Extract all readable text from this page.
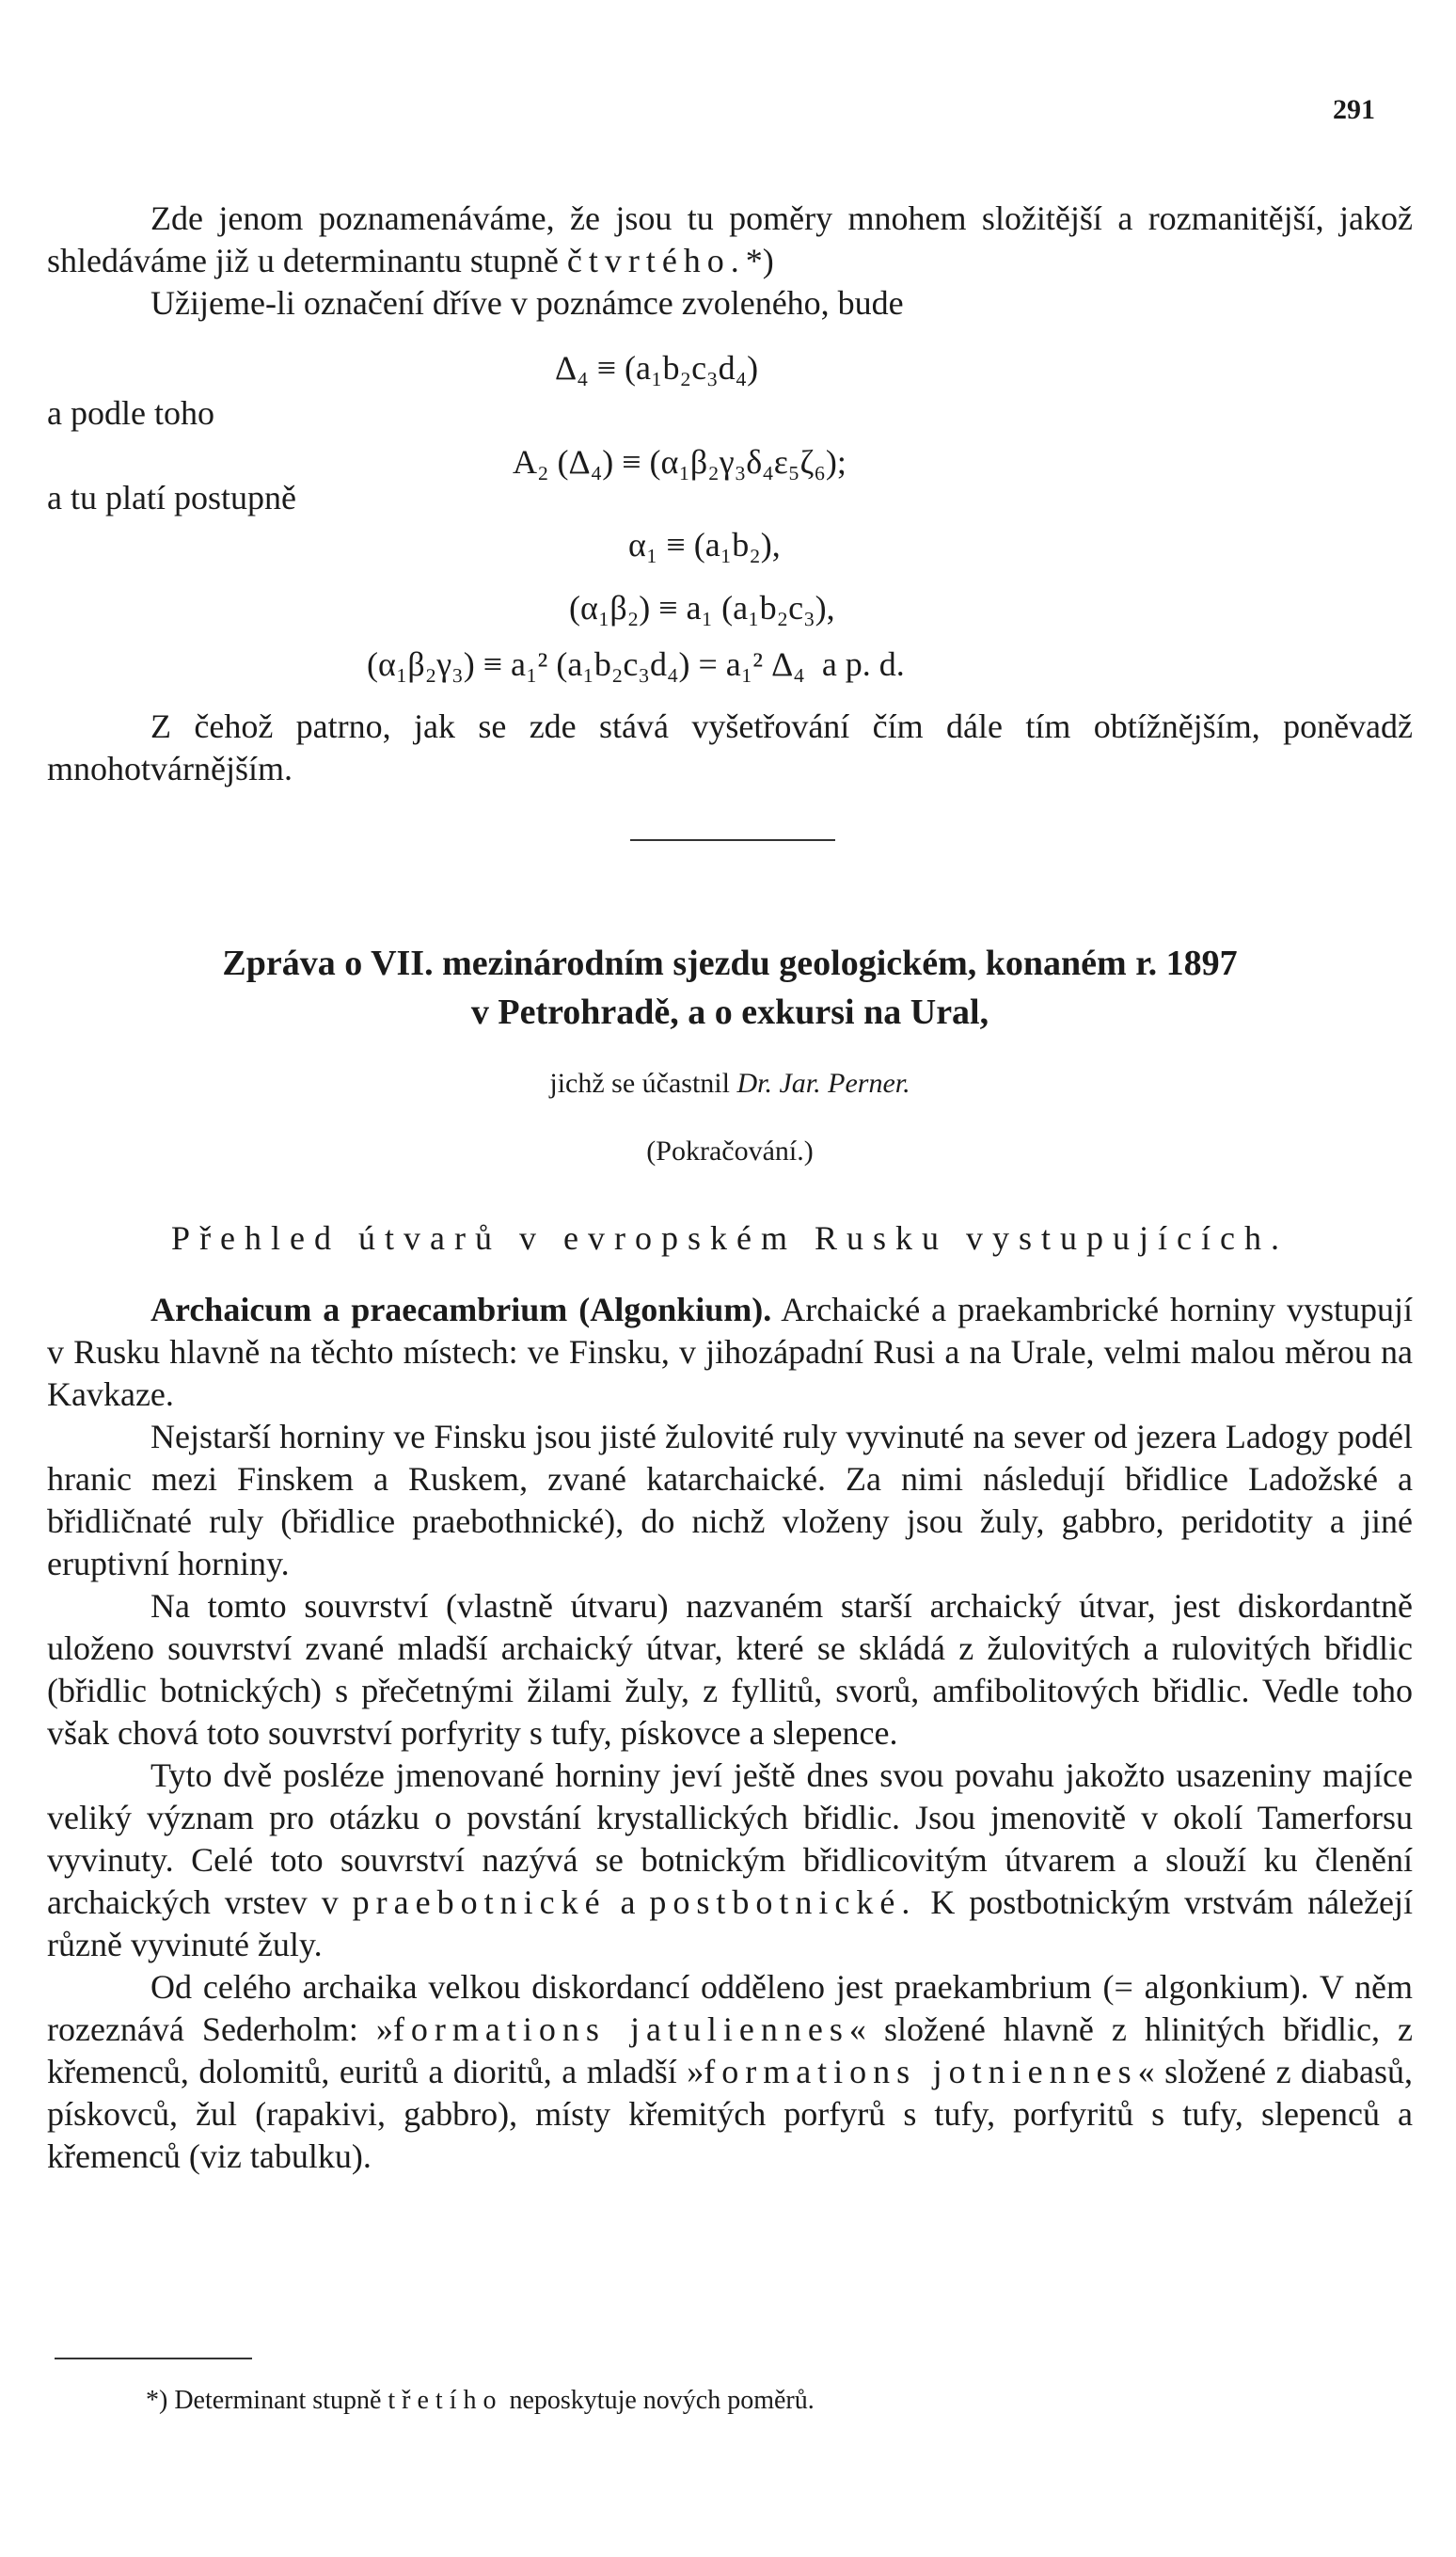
291

Zde jenom poznamenáváme, že jsou tu poměry mnohem složitější a rozmanitější, jakož shledáváme již u determinantu stupně čtvrtého.*)

Užijeme-li označení dříve v poznámce zvoleného, bude

Δ₄ ≡ (a₁b₂c₃d₄)
a podle toho
A₂ (Δ₄) ≡ (α₁β₂γ₃δ₄ε₅ζ₆);
a tu platí postupně
α₁ ≡ (a₁b₂),
(α₁β₂) ≡ a₁ (a₁b₂c₃),
(α₁β₂γ₃) ≡ a₁² (a₁b₂c₃d₄) = a₁² Δ₄ a p. d.

Z čehož patrno, jak se zde stává vyšetřování čím dále tím obtížnějším, poněvadž mnohotvárnějším.

Zpráva o VII. mezinárodním sjezdu geologickém, konaném r. 1897
v Petrohradě, a o exkursi na Ural,
jichž se účastnil Dr. Jar. Perner.
(Pokračování.)
Přehled útvarů v evropském Rusku vystupujících.

Archaicum a praecambrium (Algonkium). Archaické a praekambrické horniny vystupují v Rusku hlavně na těchto místech: ve Finsku, v jihozápadní Rusi a na Urale, velmi malou měrou na Kavkaze.

Nejstarší horniny ve Finsku jsou jisté žulovité ruly vyvinuté na sever od jezera Ladogy podél hranic mezi Finskem a Ruskem, zvané katarchaické. Za nimi následují břidlice Ladožské a břidličnaté ruly (břidlice praebothnické), do nichž vloženy jsou žuly, gabbro, peridotity a jiné eruptivní horniny.

Na tomto souvrství (vlastně útvaru) nazvaném starší archaický útvar, jest diskordantně uloženo souvrství zvané mladší archaický útvar, které se skládá z žulovitých a rulovitých břidlic (břidlic botnických) s přečetnými žilami žuly, z fyllitů, svorů, amfibolitových břidlic. Vedle toho však chová toto souvrství porfyrity s tufy, pískovce a slepence.

Tyto dvě posléze jmenované horniny jeví ještě dnes svou povahu jakožto usazeniny majíce veliký význam pro otázku o povstání krystallických břidlic. Jsou jmenovitě v okolí Tamerforsu vyvinuty. Celé toto souvrství nazývá se botnickým břidlicovitým útvarem a slouží ku členění archaických vrstev v praebotnické a postbotnické. K postbotnickým vrstvám náležejí různě vyvinuté žuly.

Od celého archaika velkou diskordancí odděleno jest praekambrium (= algonkium). V něm rozeznává Sederholm: »formations jatuliennes« složené hlavně z hlinitých břidlic, z křemenců, dolomitů, euritů a dioritů, a mladší »formations jotniennes« složené z diabasů, pískovců, žul (rapakivi, gabbro), místy křemitých porfyrů s tufy, porfyritů s tufy, slepenců a křemenců (viz tabulku).

*) Determinant stupně třetího neposkytuje nových poměrů.
